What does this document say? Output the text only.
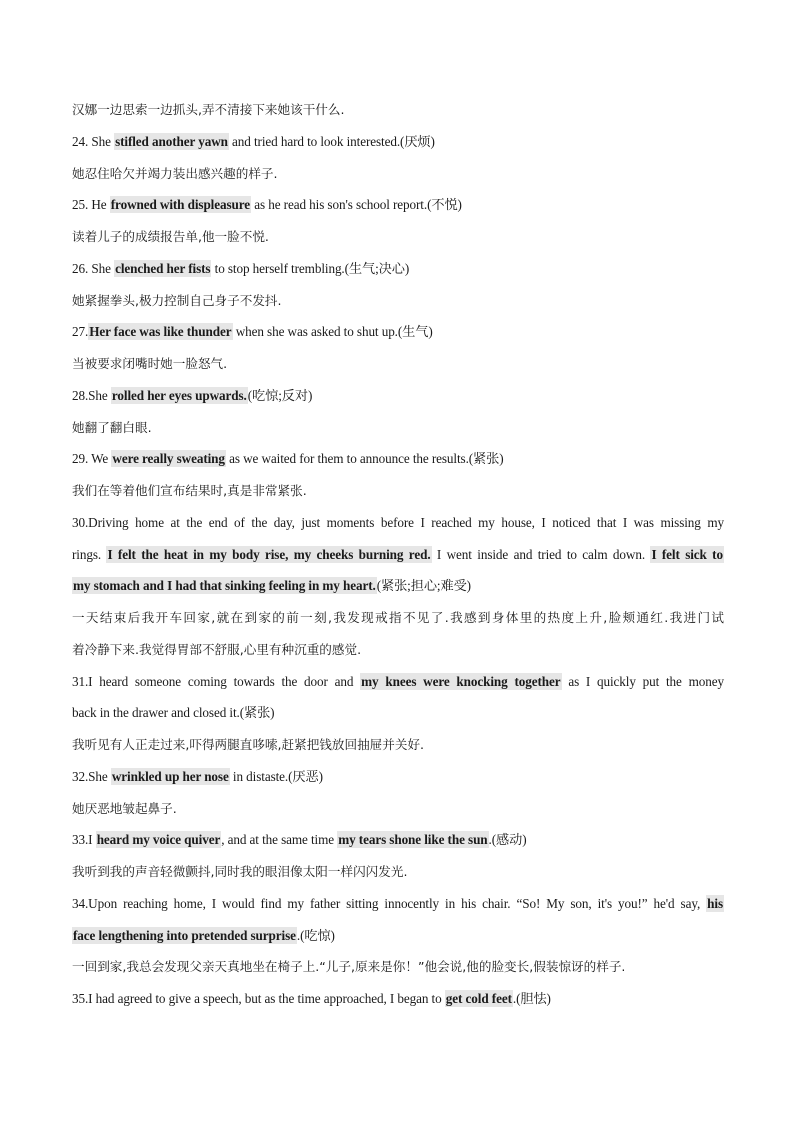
汉娜一边思索一边抓头,弄不清接下来她该干什么.
24. She stifled another yawn and tried hard to look interested.(厌烦)
她忍住哈欠并竭力装出感兴趣的样子.
25. He frowned with displeasure as he read his son's school report.(不悦)
读着儿子的成绩报告单,他一脸不悦.
26. She clenched her fists to stop herself trembling.(生气;决心)
她紧握拳头,极力控制自己身子不发抖.
27.Her face was like thunder when she was asked to shut up.(生气)
当被要求闭嘴时她一脸怒气.
28.She rolled her eyes upwards.(吃惊;反对)
她翻了翻白眼.
29. We were really sweating as we waited for them to announce the results.(紧张)
我们在等着他们宣布结果时,真是非常紧张.
30.Driving home at the end of the day, just moments before I reached my house, I noticed that I was missing my
rings. I felt the heat in my body rise, my cheeks burning red. I went inside and tried to calm down. I felt sick to
my stomach and I had that sinking feeling in my heart.(紧张;担心;难受)
一天结束后我开车回家,就在到家的前一刻,我发现戒指不见了.我感到身体里的热度上升,脸颊通红.我进门试
着冷静下来.我觉得胃部不舒服,心里有种沉重的感觉.
31.I heard someone coming towards the door and my knees were knocking together as I quickly put the money
back in the drawer and closed it.(紧张)
我听见有人正走过来,吓得两腿直哆嗦,赶紧把钱放回抽屉并关好.
32.She wrinkled up her nose in distaste.(厌恶)
她厌恶地皱起鼻子.
33.I heard my voice quiver, and at the same time my tears shone like the sun.(感动)
我听到我的声音轻微颤抖,同时我的眼泪像太阳一样闪闪发光.
34.Upon reaching home, I would find my father sitting innocently in his chair. “So! My son, it's you!” he'd say, his
face lengthening into pretended surprise.(吃惊)
一回到家,我总会发现父亲天真地坐在椅子上.“儿子,原来是你！”他会说,他的脸变长,假装惊讶的样子.
35.I had agreed to give a speech, but as the time approached, I began to get cold feet.(胆怯)
